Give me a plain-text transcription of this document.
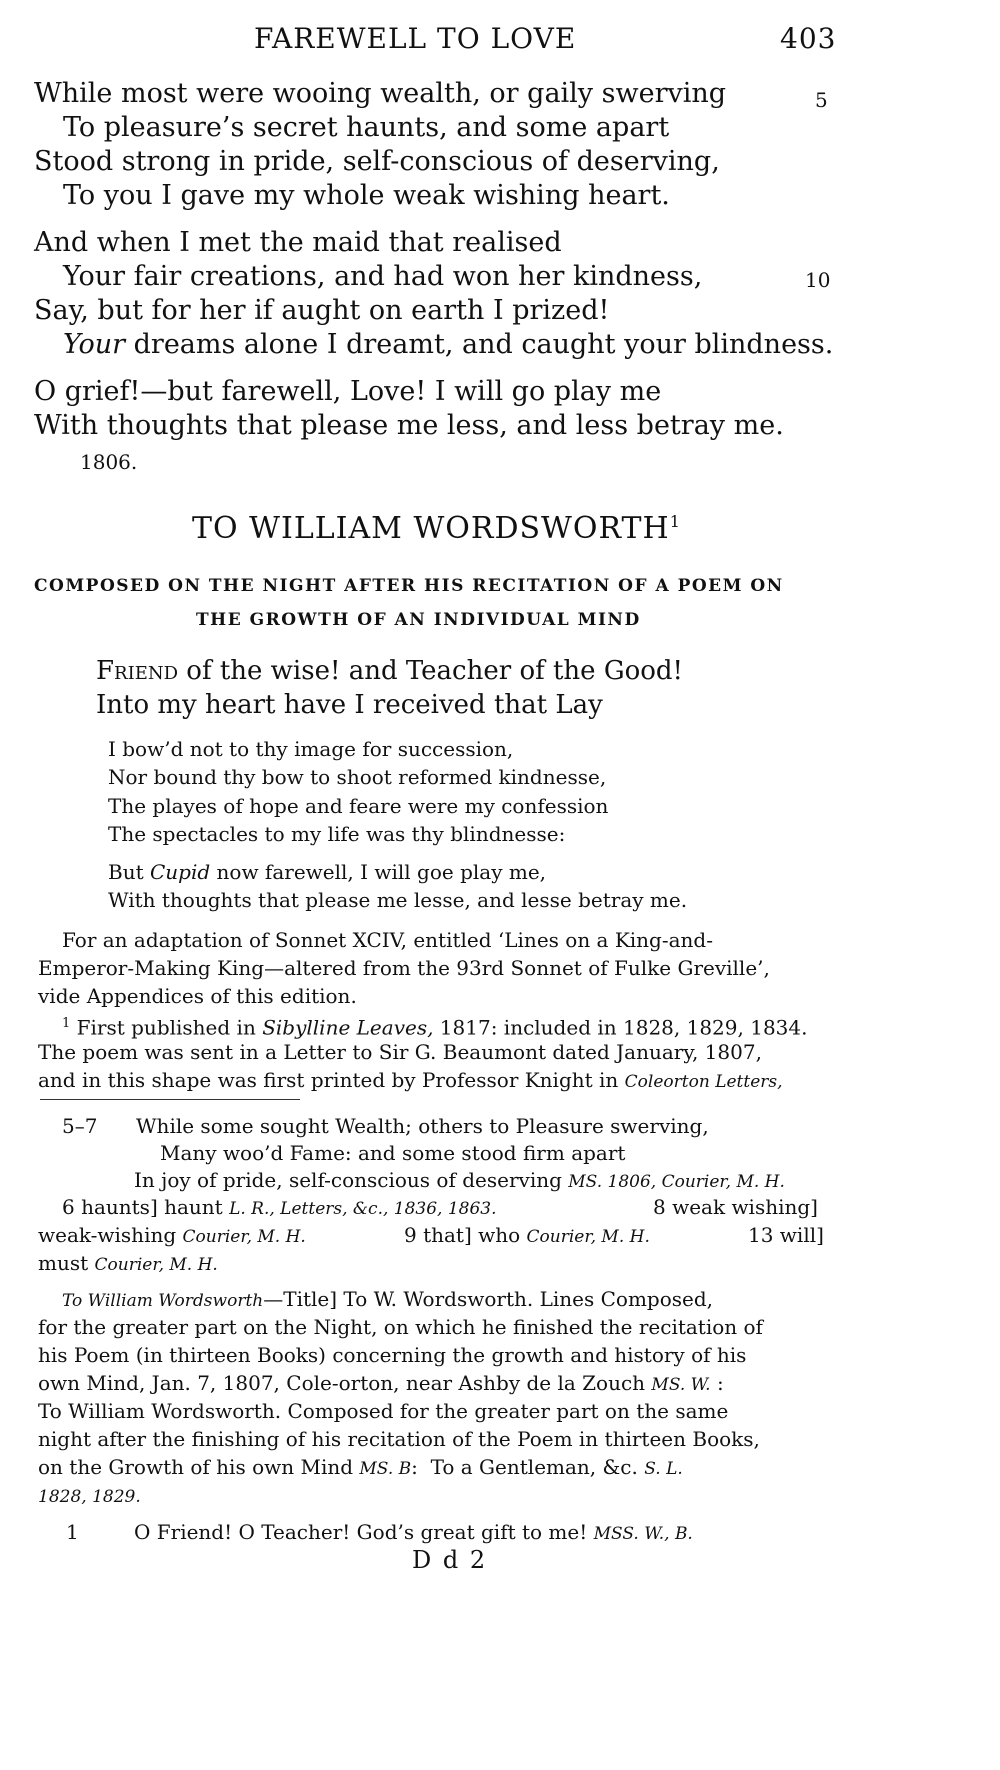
FAREWELL TO LOVE	403
While most were wooing wealth, or gaily swerving	5
To pleasure’s secret haunts, and some apart
Stood strong in pride, self-conscious of deserving,
To you I gave my whole weak wishing heart.
And when I met the maid that realised
Your fair creations, and had won her kindness,	10
Say, but for her if aught on earth I prized!
Your dreams alone I dreamt, and caught your blindness.
O grief!—but farewell, Love! I will go play me
With thoughts that please me less, and less betray me.
1806.
TO WILLIAM WORDSWORTH$^1$
COMPOSED ON THE NIGHT AFTER HIS RECITATION OF A POEM ON
THE GROWTH OF AN INDIVIDUAL MIND
Friend of the wise! and Teacher of the Good!
Into my heart have I received that Lay
I bow’d not to thy image for succession,
Nor bound thy bow to shoot reformed kindnesse,
The playes of hope and feare were my confession
The spectacles to my life was thy blindnesse:
But Cupid now farewell, I will goe play me,
With thoughts that please me lesse, and lesse betray me.
For an adaptation of Sonnet XCIV, entitled ‘Lines on a King-and-
Emperor-Making King—altered from the 93rd Sonnet of Fulke Greville’,
vide Appendices of this edition.
$^1$ First published in Sibylline Leaves, 1817: included in 1828, 1829, 1834.
The poem was sent in a Letter to Sir G. Beaumont dated January, 1807,
and in this shape was first printed by Professor Knight in Coleorton Letters,
5–7 While some sought Wealth; others to Pleasure swerving,
Many woo’d Fame: and some stood firm apart
In joy of pride, self-conscious of deserving MS. 1806, Courier, M. H.
6 haunts] haunt L. R., Letters, &c., 1836, 1863.	8 weak wishing]
weak-wishing Courier, M. H.	9 that] who Courier, M. H.	13 will]
must Courier, M. H.
To William Wordsworth—Title] To W. Wordsworth. Lines Composed,
for the greater part on the Night, on which he finished the recitation of
his Poem (in thirteen Books) concerning the growth and history of his
own Mind, Jan. 7, 1807, Cole-orton, near Ashby de la Zouch MS. W. :
To William Wordsworth. Composed for the greater part on the same
night after the finishing of his recitation of the Poem in thirteen Books,
on the Growth of his own Mind MS. B:  To a Gentleman, &c. S. L.
1828, 1829.
1	O Friend! O Teacher! God’s great gift to me! MSS. W., B.
D d 2
